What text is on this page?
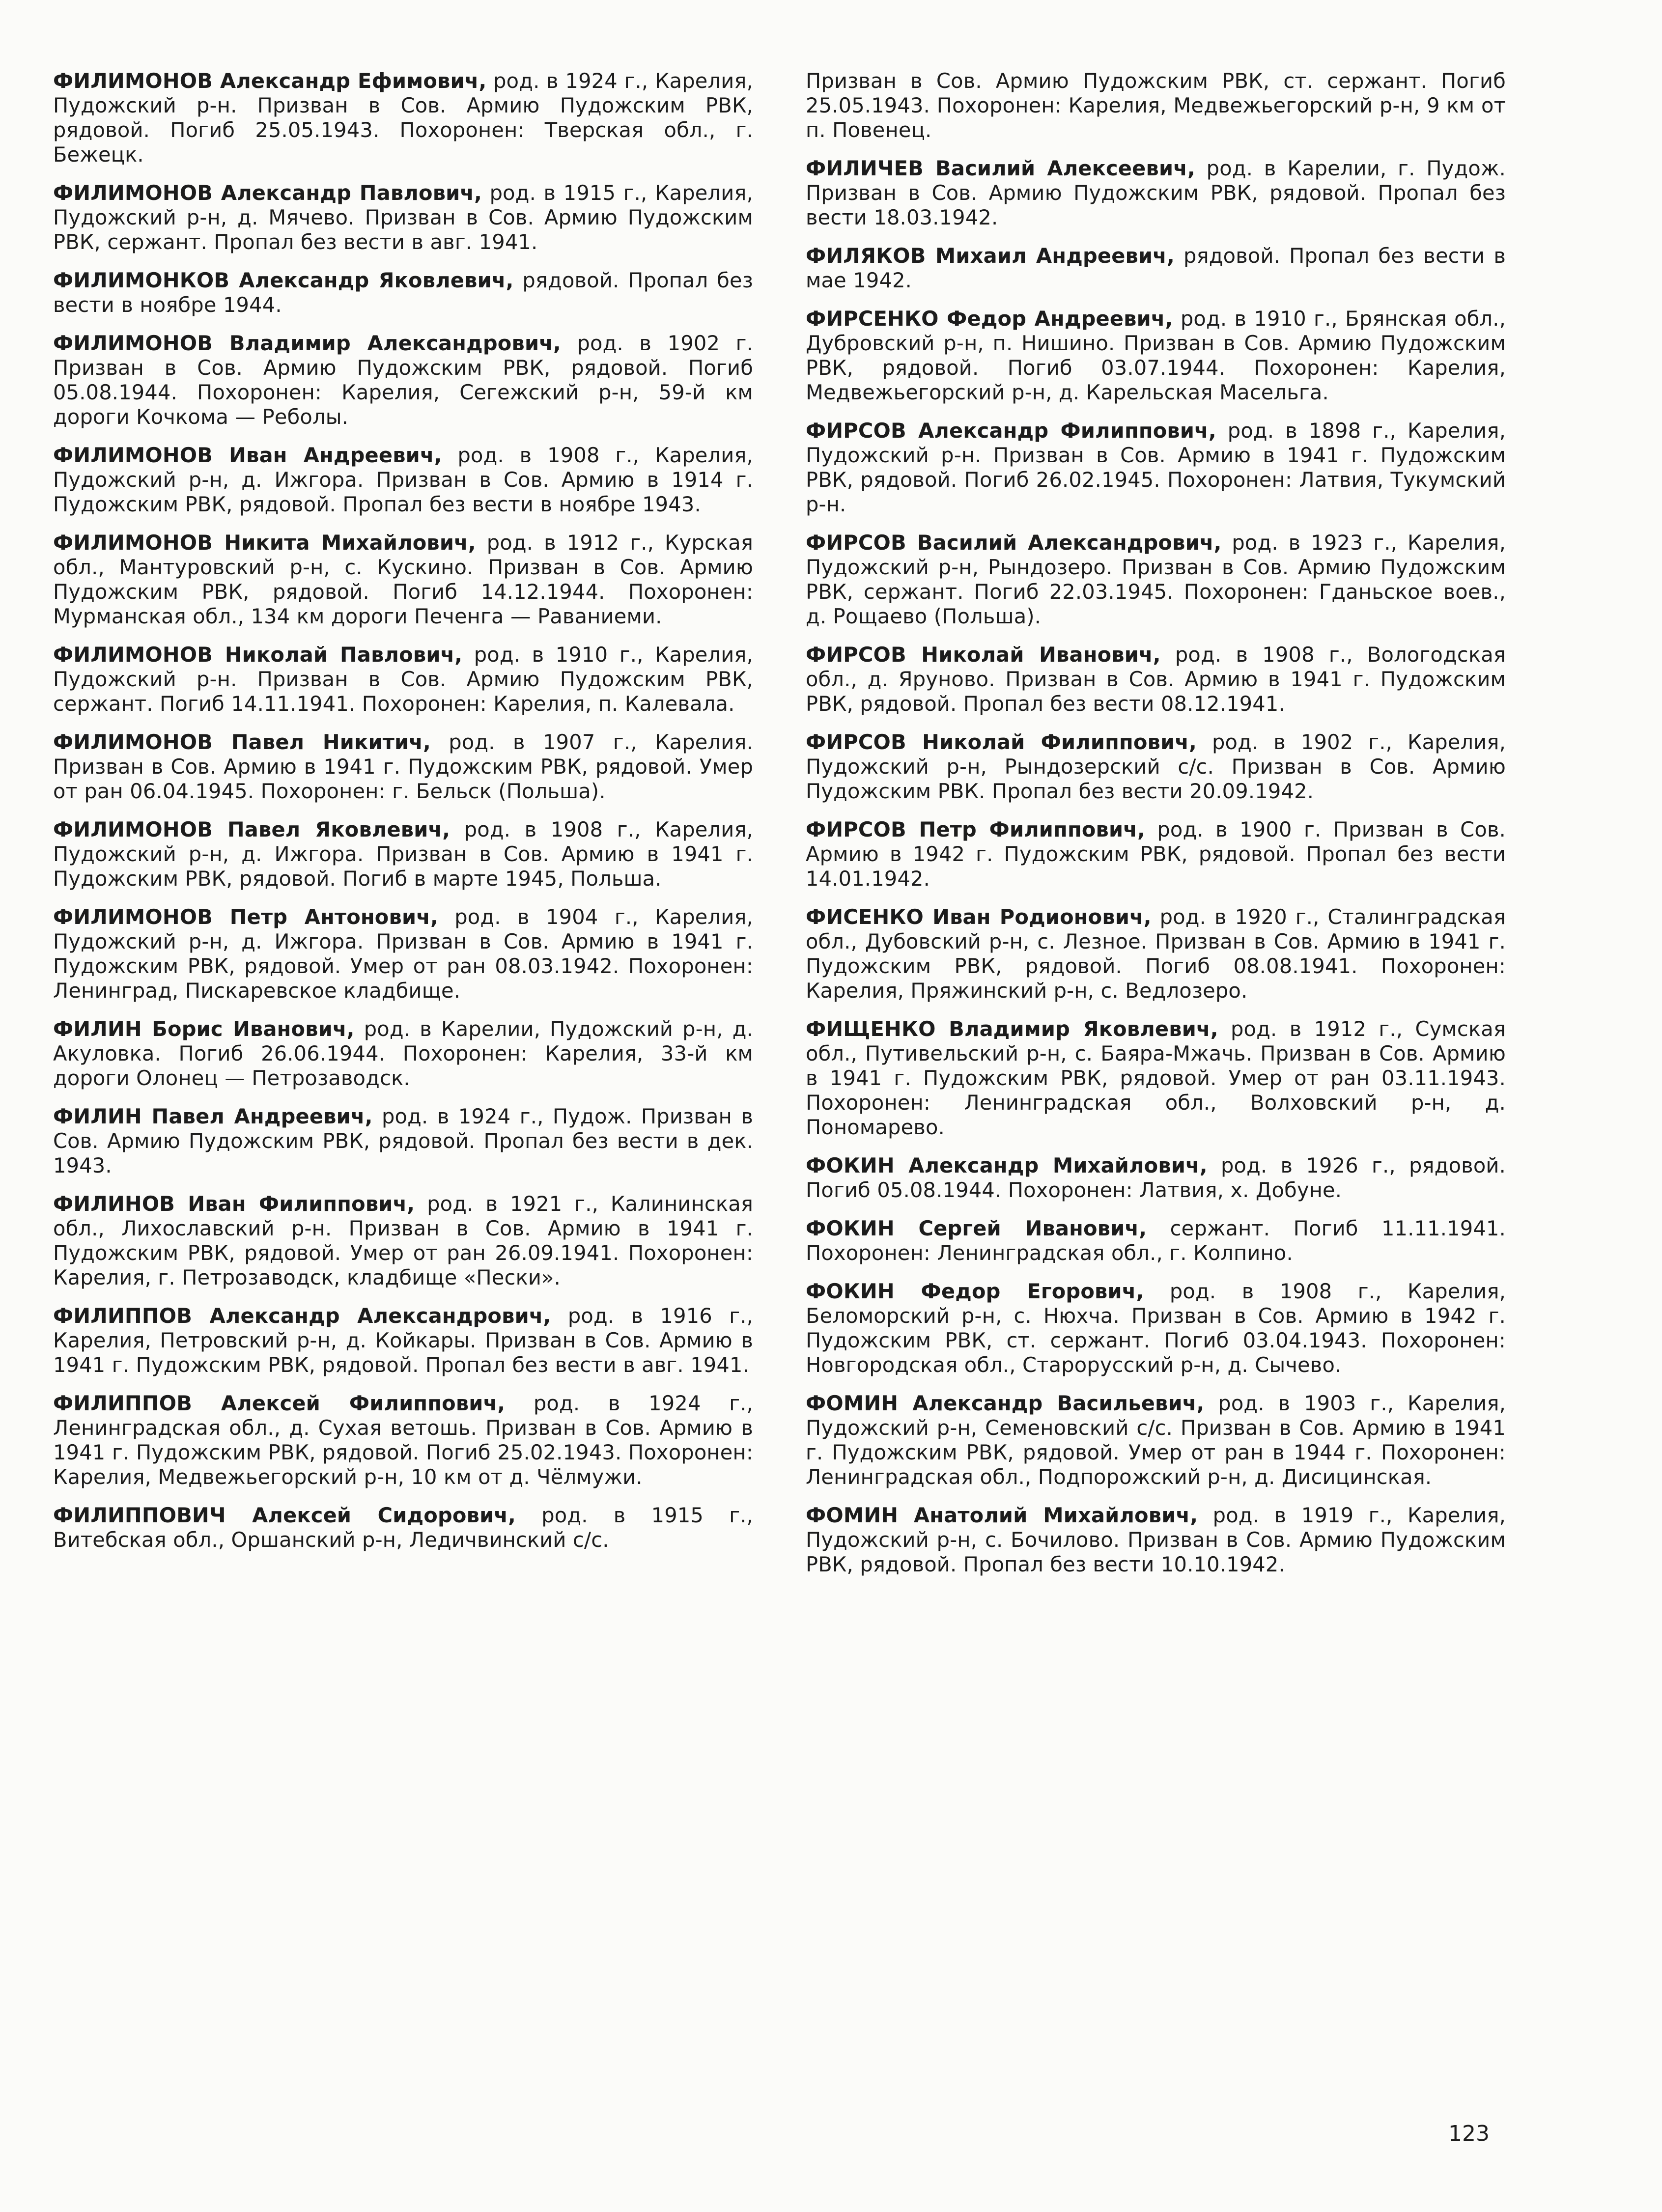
ФИЛИМОНОВ Александр Ефимович, род. в 1924 г., Карелия, Пудожский р-н. Призван в Сов. Армию Пудожским РВК, рядовой. Погиб 25.05.1943. Похоронен: Тверская обл., г. Бежецк.

ФИЛИМОНОВ Александр Павлович, род. в 1915 г., Карелия, Пудожский р-н, д. Мячево. Призван в Сов. Армию Пудожским РВК, сержант. Пропал без вести в авг. 1941.

ФИЛИМОНКОВ Александр Яковлевич, рядовой. Пропал без вести в ноябре 1944.

ФИЛИМОНОВ Владимир Александрович, род. в 1902 г. Призван в Сов. Армию Пудожским РВК, рядовой. Погиб 05.08.1944. Похоронен: Карелия, Сегежский р-н, 59-й км дороги Кочкома — Реболы.

ФИЛИМОНОВ Иван Андреевич, род. в 1908 г., Карелия, Пудожский р-н, д. Ижгора. Призван в Сов. Армию в 1914 г. Пудожским РВК, рядовой. Пропал без вести в ноябре 1943.

ФИЛИМОНОВ Никита Михайлович, род. в 1912 г., Курская обл., Мантуровский р-н, с. Кускино. Призван в Сов. Армию Пудожским РВК, рядовой. Погиб 14.12.1944. Похоронен: Мурманская обл., 134 км дороги Печенга — Раваниеми.

ФИЛИМОНОВ Николай Павлович, род. в 1910 г., Карелия, Пудожский р-н. Призван в Сов. Армию Пудожским РВК, сержант. Погиб 14.11.1941. Похоронен: Карелия, п. Калевала.

ФИЛИМОНОВ Павел Никитич, род. в 1907 г., Карелия. Призван в Сов. Армию в 1941 г. Пудожским РВК, рядовой. Умер от ран 06.04.1945. Похоронен: г. Бельск (Польша).

ФИЛИМОНОВ Павел Яковлевич, род. в 1908 г., Карелия, Пудожский р-н, д. Ижгора. Призван в Сов. Армию в 1941 г. Пудожским РВК, рядовой. Погиб в марте 1945, Польша.

ФИЛИМОНОВ Петр Антонович, род. в 1904 г., Карелия, Пудожский р-н, д. Ижгора. Призван в Сов. Армию в 1941 г. Пудожским РВК, рядовой. Умер от ран 08.03.1942. Похоронен: Ленинград, Пискаревское кладбище.

ФИЛИН Борис Иванович, род. в Карелии, Пудожский р-н, д. Акуловка. Погиб 26.06.1944. Похоронен: Карелия, 33-й км дороги Олонец — Петрозаводск.

ФИЛИН Павел Андреевич, род. в 1924 г., Пудож. Призван в Сов. Армию Пудожским РВК, рядовой. Пропал без вести в дек. 1943.

ФИЛИНОВ Иван Филиппович, род. в 1921 г., Калининская обл., Лихославский р-н. Призван в Сов. Армию в 1941 г. Пудожским РВК, рядовой. Умер от ран 26.09.1941. Похоронен: Карелия, г. Петрозаводск, кладбище «Пески».

ФИЛИППОВ Александр Александрович, род. в 1916 г., Карелия, Петровский р-н, д. Койкары. Призван в Сов. Армию в 1941 г. Пудожским РВК, рядовой. Пропал без вести в авг. 1941.

ФИЛИППОВ Алексей Филиппович, род. в 1924 г., Ленинградская обл., д. Сухая ветошь. Призван в Сов. Армию в 1941 г. Пудожским РВК, рядовой. Погиб 25.02.1943. Похоронен: Карелия, Медвежьегорский р-н, 10 км от д. Чёлмужи.

ФИЛИППОВИЧ Алексей Сидорович, род. в 1915 г., Витебская обл., Оршанский р-н, Ледичвинский с/с.

Призван в Сов. Армию Пудожским РВК, ст. сержант. Погиб 25.05.1943. Похоронен: Карелия, Медвежьегорский р-н, 9 км от п. Повенец.

ФИЛИЧЕВ Василий Алексеевич, род. в Карелии, г. Пудож. Призван в Сов. Армию Пудожским РВК, рядовой. Пропал без вести 18.03.1942.

ФИЛЯКОВ Михаил Андреевич, рядовой. Пропал без вести в мае 1942.

ФИРСЕНКО Федор Андреевич, род. в 1910 г., Брянская обл., Дубровский р-н, п. Нишино. Призван в Сов. Армию Пудожским РВК, рядовой. Погиб 03.07.1944. Похоронен: Карелия, Медвежьегорский р-н, д. Карельская Масельга.

ФИРСОВ Александр Филиппович, род. в 1898 г., Карелия, Пудожский р-н. Призван в Сов. Армию в 1941 г. Пудожским РВК, рядовой. Погиб 26.02.1945. Похоронен: Латвия, Тукумский р-н.

ФИРСОВ Василий Александрович, род. в 1923 г., Карелия, Пудожский р-н, Рындозеро. Призван в Сов. Армию Пудожским РВК, сержант. Погиб 22.03.1945. Похоронен: Гданьское воев., д. Рощаево (Польша).

ФИРСОВ Николай Иванович, род. в 1908 г., Вологодская обл., д. Яруново. Призван в Сов. Армию в 1941 г. Пудожским РВК, рядовой. Пропал без вести 08.12.1941.

ФИРСОВ Николай Филиппович, род. в 1902 г., Карелия, Пудожский р-н, Рындозерский с/с. Призван в Сов. Армию Пудожским РВК. Пропал без вести 20.09.1942.

ФИРСОВ Петр Филиппович, род. в 1900 г. Призван в Сов. Армию в 1942 г. Пудожским РВК, рядовой. Пропал без вести 14.01.1942.

ФИСЕНКО Иван Родионович, род. в 1920 г., Сталинградская обл., Дубовский р-н, с. Лезное. Призван в Сов. Армию в 1941 г. Пудожским РВК, рядовой. Погиб 08.08.1941. Похоронен: Карелия, Пряжинский р-н, с. Ведлозеро.

ФИЩЕНКО Владимир Яковлевич, род. в 1912 г., Сумская обл., Путивельский р-н, с. Баяра-Мжачь. Призван в Сов. Армию в 1941 г. Пудожским РВК, рядовой. Умер от ран 03.11.1943. Похоронен: Ленинградская обл., Волховский р-н, д. Пономарево.

ФОКИН Александр Михайлович, род. в 1926 г., рядовой. Погиб 05.08.1944. Похоронен: Латвия, х. Добуне.

ФОКИН Сергей Иванович, сержант. Погиб 11.11.1941. Похоронен: Ленинградская обл., г. Колпино.

ФОКИН Федор Егорович, род. в 1908 г., Карелия, Беломорский р-н, с. Нюхча. Призван в Сов. Армию в 1942 г. Пудожским РВК, ст. сержант. Погиб 03.04.1943. Похоронен: Новгородская обл., Старорусский р-н, д. Сычево.

ФОМИН Александр Васильевич, род. в 1903 г., Карелия, Пудожский р-н, Семеновский с/с. Призван в Сов. Армию в 1941 г. Пудожским РВК, рядовой. Умер от ран в 1944 г. Похоронен: Ленинградская обл., Подпорожский р-н, д. Дисицинская.

ФОМИН Анатолий Михайлович, род. в 1919 г., Карелия, Пудожский р-н, с. Бочилово. Призван в Сов. Армию Пудожским РВК, рядовой. Пропал без вести 10.10.1942.

123
